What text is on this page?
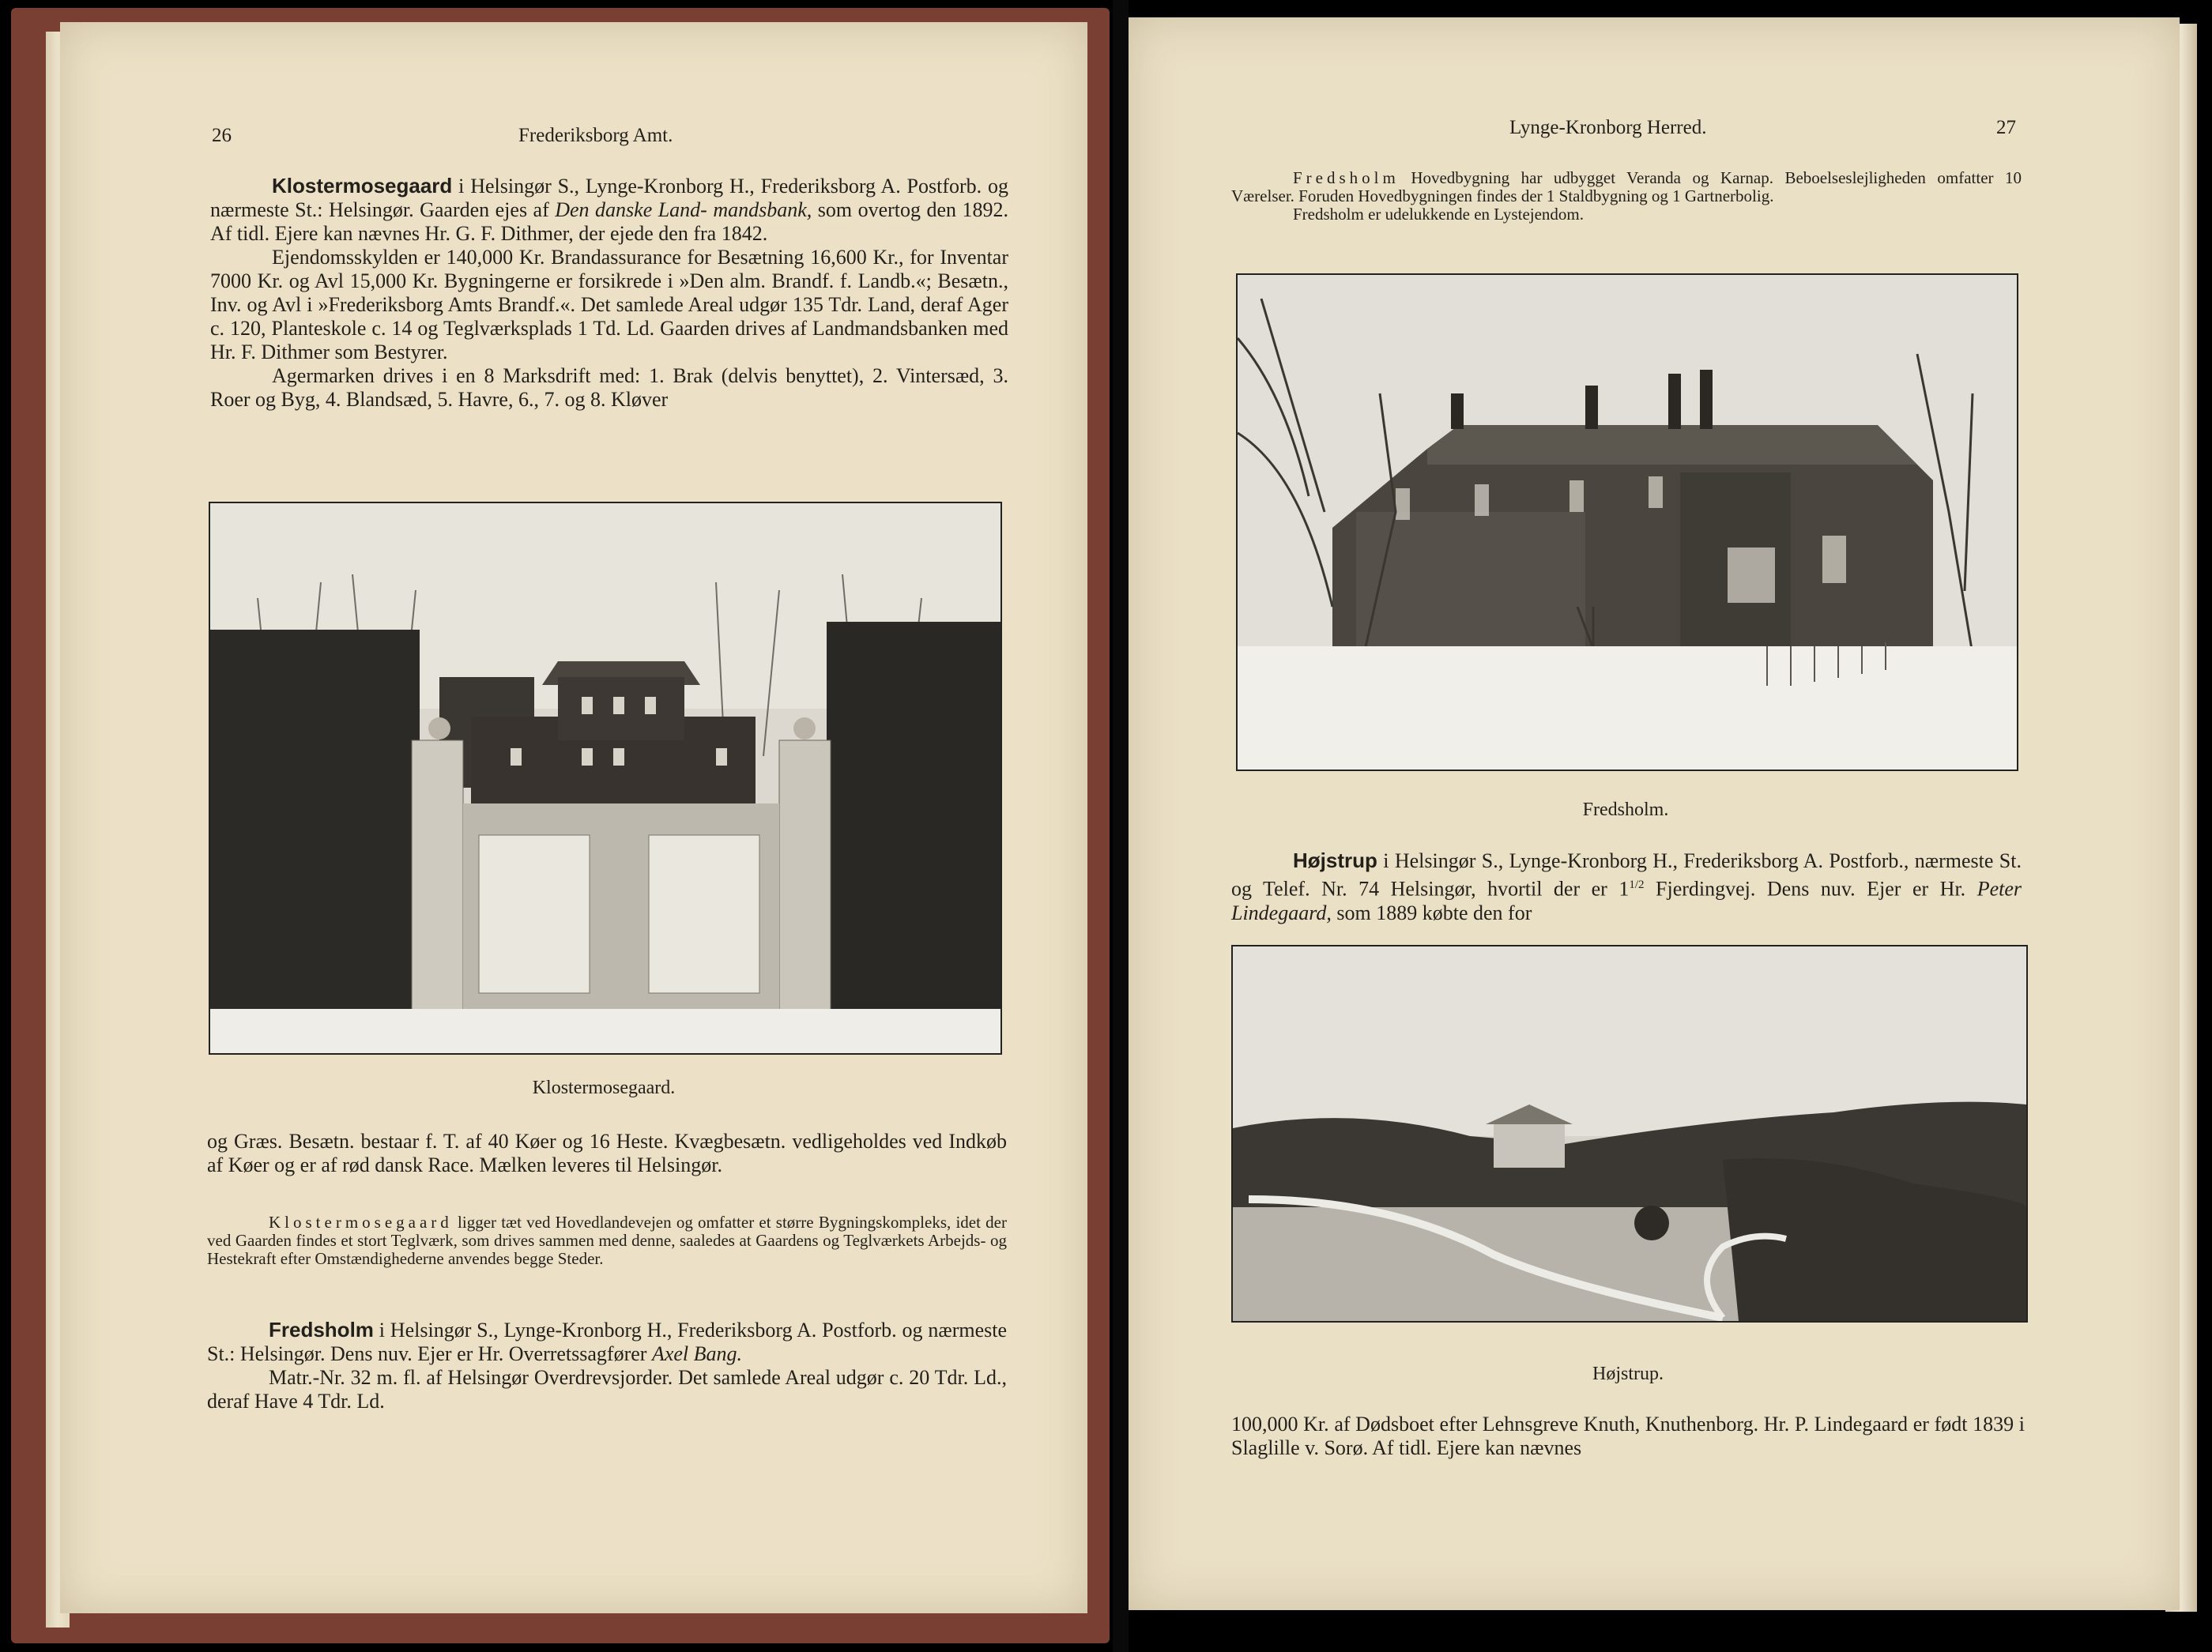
26	Frederiksborg Amt.

Klostermosegaard i Helsingør S., Lynge-Kronborg H., Frederiksborg A. Postforb. og nærmeste St.: Helsingør. Gaarden ejes af Den danske Land- mandsbank, som overtog den 1892. Af tidl. Ejere kan nævnes Hr. G. F. Dithmer, der ejede den fra 1842.

Ejendomsskylden er 140,000 Kr. Brandassurance for Besætning 16,600 Kr., for Inventar 7000 Kr. og Avl 15,000 Kr. Bygningerne er forsikrede i »Den alm. Brandf. f. Landb.«; Besætn., Inv. og Avl i »Frederiksborg Amts Brandf.«. Det samlede Areal udgør 135 Tdr. Land, deraf Ager c. 120, Planteskole c. 14 og Teglværksplads 1 Td. Ld. Gaarden drives af Landmandsbanken med Hr. F. Dithmer som Bestyrer.

Agermarken drives i en 8 Marksdrift med: 1. Brak (delvis benyttet), 2. Vintersæd, 3. Roer og Byg, 4. Blandsæd, 5. Havre, 6., 7. og 8. Kløver

Klostermosegaard.

og Græs. Besætn. bestaar f. T. af 40 Køer og 16 Heste. Kvægbesætn. vedligeholdes ved Indkøb af Køer og er af rød dansk Race. Mælken leveres til Helsingør.

Klostermosegaard ligger tæt ved Hovedlandevejen og omfatter et større Bygningskompleks, idet der ved Gaarden findes et stort Teglværk, som drives sammen med denne, saaledes at Gaardens og Teglværkets Arbejds- og Hestekraft efter Omstændighederne anvendes begge Steder.

Fredsholm i Helsingør S., Lynge-Kronborg H., Frederiksborg A. Postforb. og nærmeste St.: Helsingør. Dens nuv. Ejer er Hr. Overretssagfører Axel Bang.

Matr.-Nr. 32 m. fl. af Helsingør Overdrevsjorder. Det samlede Areal udgør c. 20 Tdr. Ld., deraf Have 4 Tdr. Ld.

Lynge-Kronborg Herred.	27

Fredsholm Hovedbygning har udbygget Veranda og Karnap. Beboelseslejligheden omfatter 10 Værelser. Foruden Hovedbygningen findes der 1 Staldbygning og 1 Gartnerbolig.

Fredsholm er udelukkende en Lystejendom.

Fredsholm.

Højstrup i Helsingør S., Lynge-Kronborg H., Frederiksborg A. Postforb., nærmeste St. og Telef. Nr. 74 Helsingør, hvortil der er $1^{1/2}$ Fjerdingvej. Dens nuv. Ejer er Hr. Peter Lindegaard, som 1889 købte den for

Højstrup.

100,000 Kr. af Dødsboet efter Lehnsgreve Knuth, Knuthenborg. Hr. P. Lindegaard er født 1839 i Slaglille v. Sorø. Af tidl. Ejere kan nævnes
